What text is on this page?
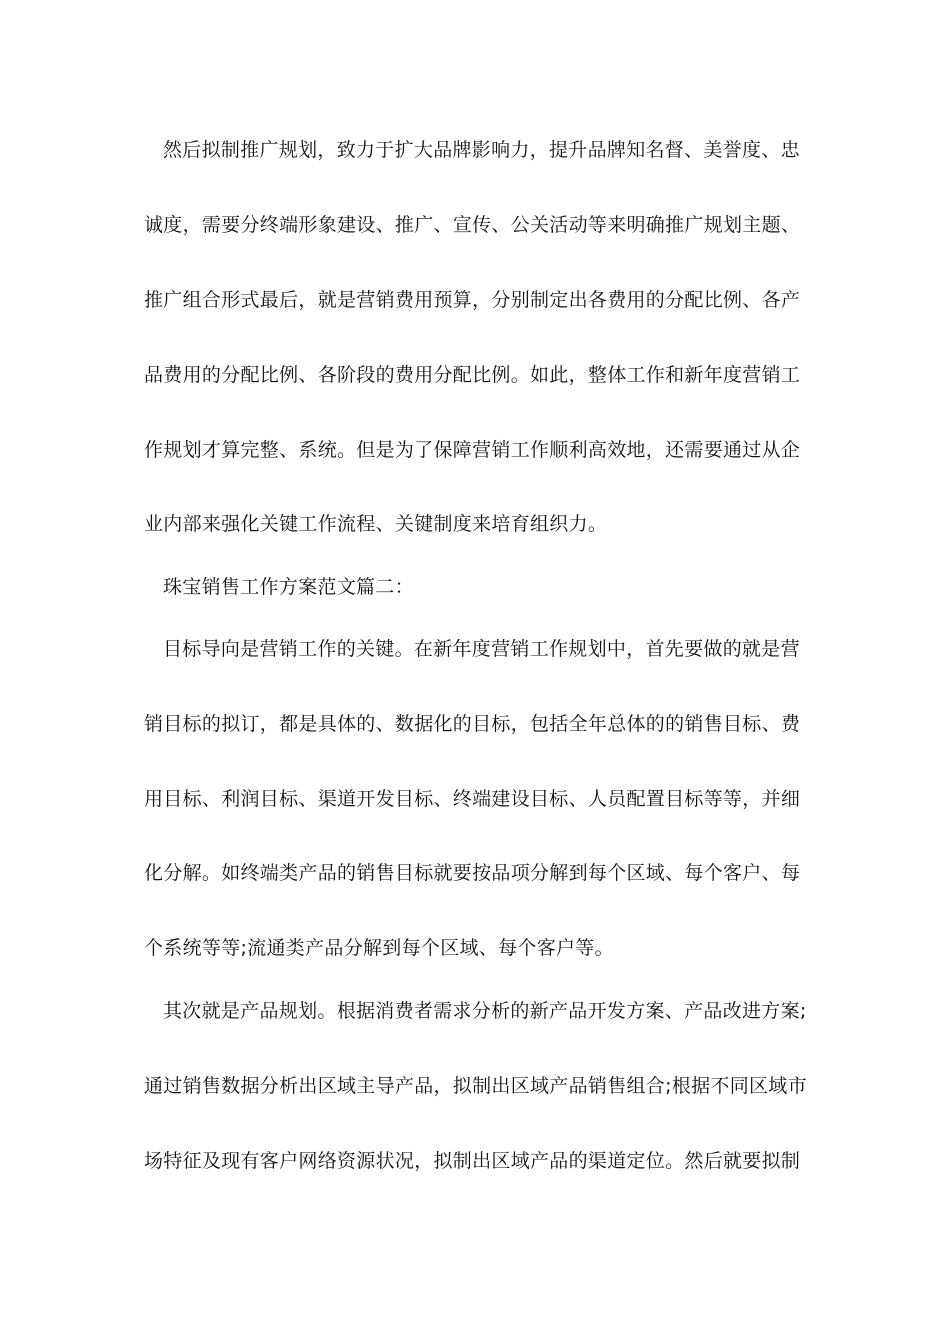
然后拟制推广规划，致力于扩大品牌影响力，提升品牌知名督、美誉度、忠
诚度，需要分终端形象建设、推广、宣传、公关活动等来明确推广规划主题、
推广组合形式最后，就是营销费用预算，分别制定出各费用的分配比例、各产
品费用的分配比例、各阶段的费用分配比例。如此，整体工作和新年度营销工
作规划才算完整、系统。但是为了保障营销工作顺利高效地，还需要通过从企
业内部来强化关键工作流程、关键制度来培育组织力。
珠宝销售工作方案范文篇二：
目标导向是营销工作的关键。在新年度营销工作规划中，首先要做的就是营
销目标的拟订，都是具体的、数据化的目标，包括全年总体的的销售目标、费
用目标、利润目标、渠道开发目标、终端建设目标、人员配置目标等等，并细
化分解。如终端类产品的销售目标就要按品项分解到每个区域、每个客户、每
个系统等等;流通类产品分解到每个区域、每个客户等。
其次就是产品规划。根据消费者需求分析的新产品开发方案、产品改进方案;
通过销售数据分析出区域主导产品，拟制出区域产品销售组合;根据不同区域市
场特征及现有客户网络资源状况，拟制出区域产品的渠道定位。然后就要拟制
